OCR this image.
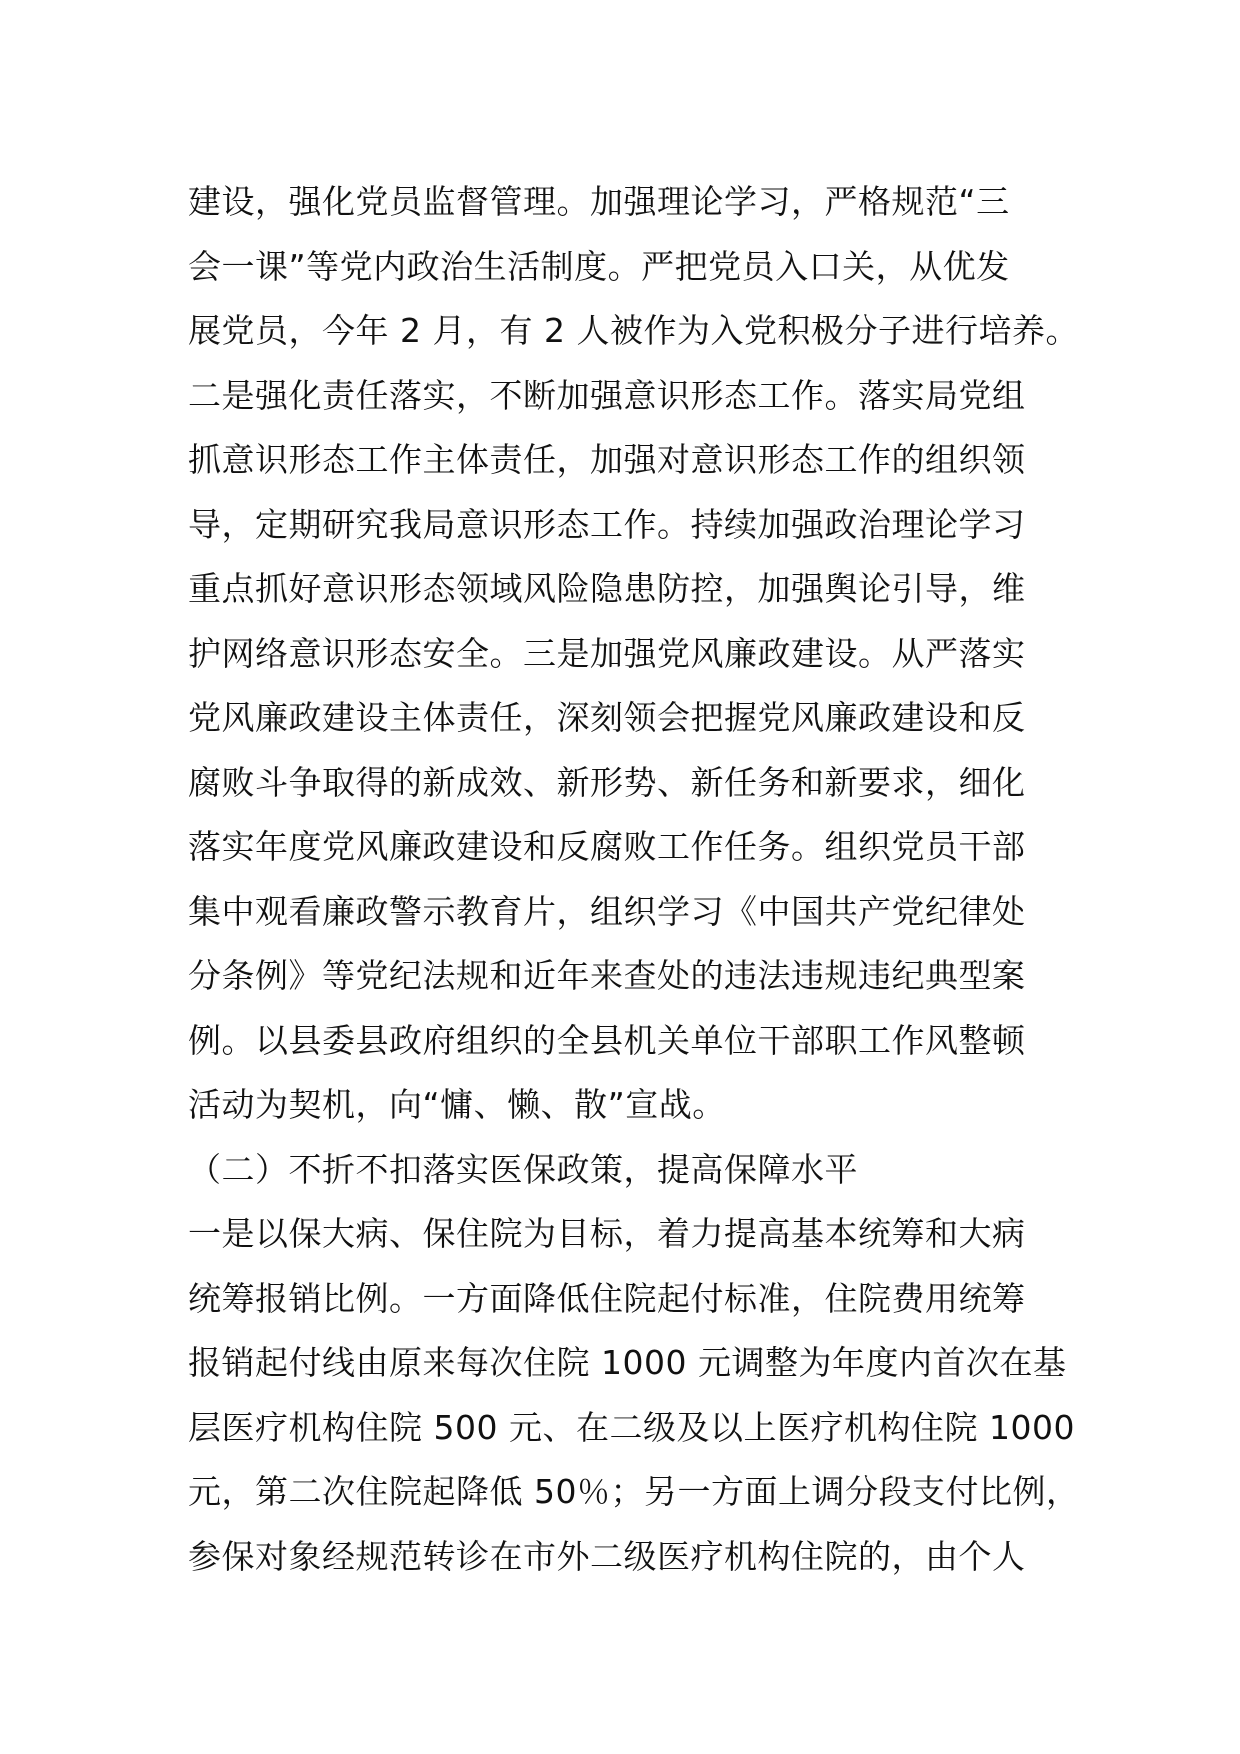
建设，强化党员监督管理。加强理论学习，严格规范“三
会一课”等党内政治生活制度。严把党员入口关，从优发
展党员，今年 2 月，有 2 人被作为入党积极分子进行培养。
二是强化责任落实，不断加强意识形态工作。落实局党组
抓意识形态工作主体责任，加强对意识形态工作的组织领
导，定期研究我局意识形态工作。持续加强政治理论学习
重点抓好意识形态领域风险隐患防控，加强舆论引导，维
护网络意识形态安全。三是加强党风廉政建设。从严落实
党风廉政建设主体责任，深刻领会把握党风廉政建设和反
腐败斗争取得的新成效、新形势、新任务和新要求，细化
落实年度党风廉政建设和反腐败工作任务。组织党员干部
集中观看廉政警示教育片，组织学习《中国共产党纪律处
分条例》等党纪法规和近年来查处的违法违规违纪典型案
例。以县委县政府组织的全县机关单位干部职工作风整顿
活动为契机，向“慵、懒、散”宣战。
（二）不折不扣落实医保政策，提高保障水平
一是以保大病、保住院为目标，着力提高基本统筹和大病
统筹报销比例。一方面降低住院起付标准，住院费用统筹
报销起付线由原来每次住院 1000 元调整为年度内首次在基
层医疗机构住院 500 元、在二级及以上医疗机构住院 1000
元，第二次住院起降低 50％；另一方面上调分段支付比例，
参保对象经规范转诊在市外二级医疗机构住院的，由个人
